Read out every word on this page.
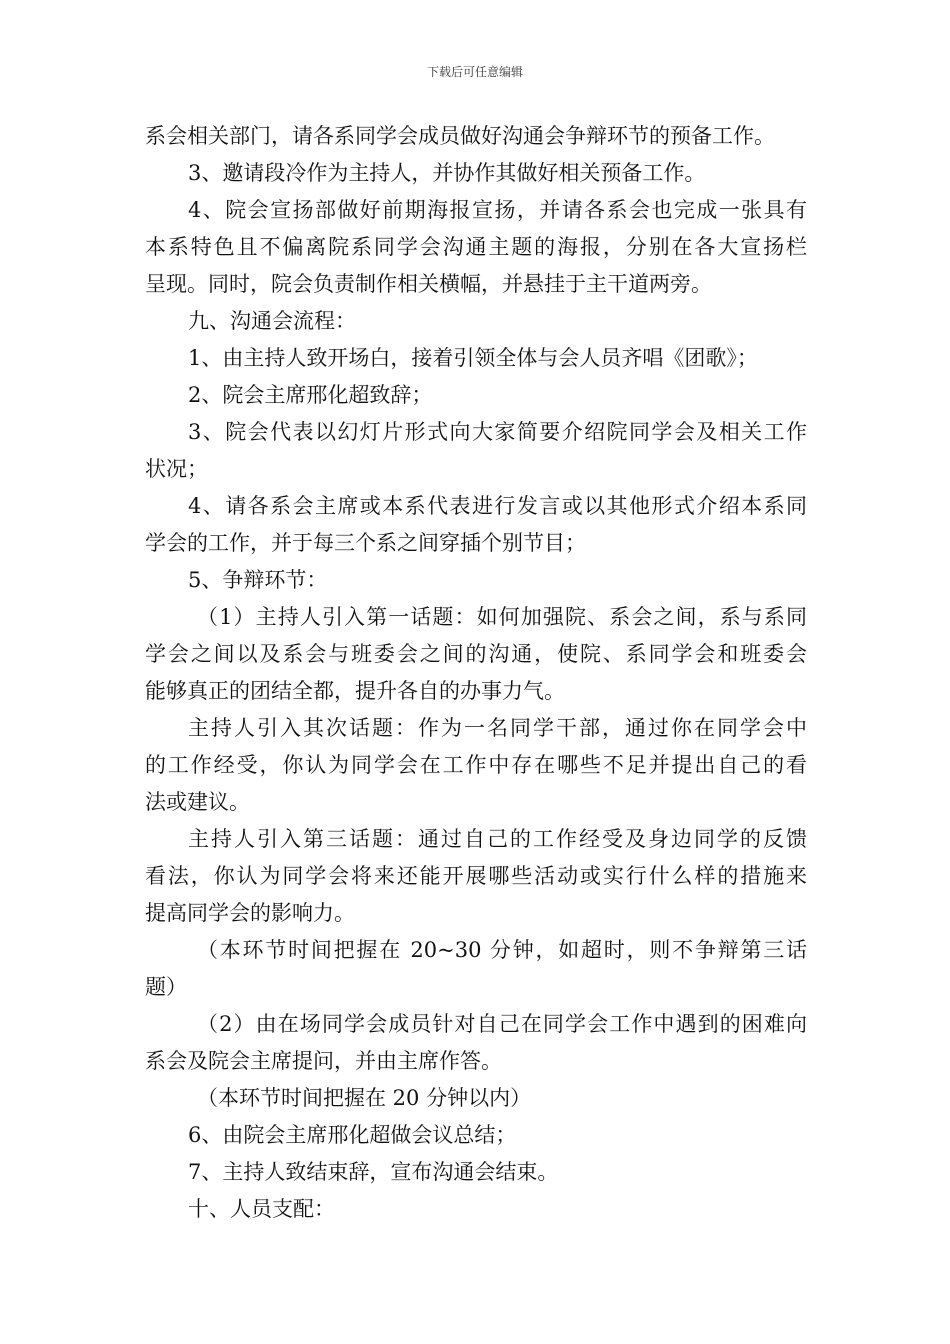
下载后可任意编辑
系会相关部门，请各系同学会成员做好沟通会争辩环节的预备工作。
3、邀请段冷作为主持人，并协作其做好相关预备工作。
4、院会宣扬部做好前期海报宣扬，并请各系会也完成一张具有
本系特色且不偏离院系同学会沟通主题的海报，分别在各大宣扬栏
呈现。同时，院会负责制作相关横幅，并悬挂于主干道两旁。
九、沟通会流程：
1、由主持人致开场白，接着引领全体与会人员齐唱《团歌》；
2、院会主席邢化超致辞；
3、院会代表以幻灯片形式向大家简要介绍院同学会及相关工作
状况；
4、请各系会主席或本系代表进行发言或以其他形式介绍本系同
学会的工作，并于每三个系之间穿插个别节目；
5、争辩环节：
（1）主持人引入第一话题：如何加强院、系会之间，系与系同
学会之间以及系会与班委会之间的沟通，使院、系同学会和班委会
能够真正的团结全都，提升各自的办事力气。
主持人引入其次话题：作为一名同学干部，通过你在同学会中
的工作经受，你认为同学会在工作中存在哪些不足并提出自己的看
法或建议。
主持人引入第三话题：通过自己的工作经受及身边同学的反馈
看法，你认为同学会将来还能开展哪些活动或实行什么样的措施来
提高同学会的影响力。
（本环节时间把握在 20~30 分钟，如超时，则不争辩第三话
题）
（2）由在场同学会成员针对自己在同学会工作中遇到的困难向
系会及院会主席提问，并由主席作答。
（本环节时间把握在 20 分钟以内）
6、由院会主席邢化超做会议总结；
7、主持人致结束辞，宣布沟通会结束。
十、人员支配：
